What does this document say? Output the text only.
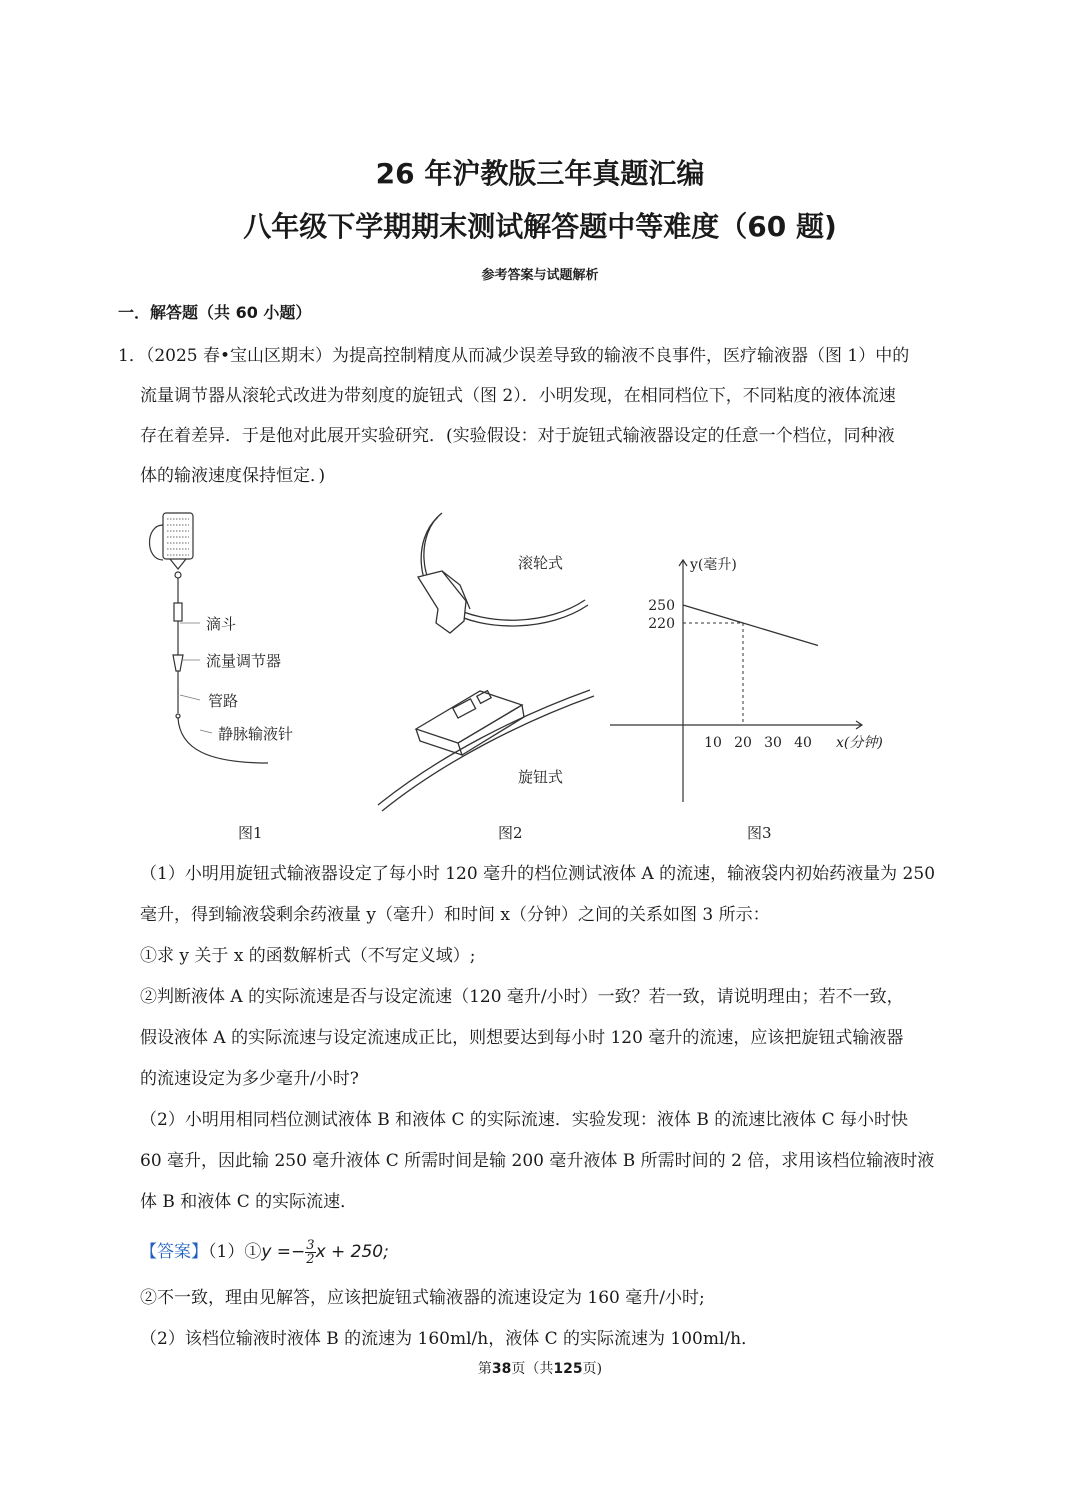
26 年沪教版三年真题汇编
八年级下学期期末测试解答题中等难度（60 题)
参考答案与试题解析
一．解答题（共 60 小题）
1．（2025 春•宝山区期末）为提高控制精度从而减少误差导致的输液不良事件，医疗输液器（图 1）中的
流量调节器从滚轮式改进为带刻度的旋钮式（图 2）．小明发现，在相同档位下，不同粘度的液体流速
存在着差异．于是他对此展开实验研究．(实验假设：对于旋钮式输液器设定的任意一个档位，同种液
体的输液速度保持恒定．)
滴斗
流量调节器
管路
静脉输液针
图1
滚轮式
旋钮式
图2
y(毫升)
x(分钟)
10 20 30 40
220
250
图3
（1）小明用旋钮式输液器设定了每小时 120 毫升的档位测试液体 A 的流速，输液袋内初始药液量为 250
毫升，得到输液袋剩余药液量 y（毫升）和时间 x（分钟）之间的关系如图 3 所示：
①求 y 关于 x 的函数解析式（不写定义域）;
②判断液体 A 的实际流速是否与设定流速（120 毫升/小时）一致？若一致，请说明理由；若不一致，
假设液体 A 的实际流速与设定流速成正比，则想要达到每小时 120 毫升的流速，应该把旋钮式输液器
的流速设定为多少毫升/小时?
（2）小明用相同档位测试液体 B 和液体 C 的实际流速．实验发现：液体 B 的流速比液体 C 每小时快
60 毫升，因此输 250 毫升液体 C 所需时间是输 200 毫升液体 B 所需时间的 2 倍，求用该档位输液时液
体 B 和液体 C 的实际流速．
【答案】（1）①y =− $\frac{3}{2}$ x + 250;
②不一致，理由见解答，应该把旋钮式输液器的流速设定为 160 毫升/小时;
（2）该档位输液时液体 B 的流速为 160ml/h，液体 C 的实际流速为 100ml/h．
第38页（共125页)
